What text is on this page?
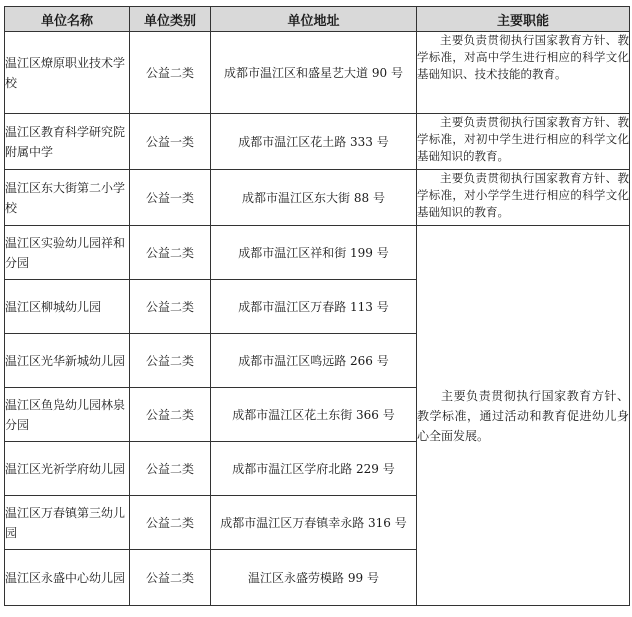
单位名称	单位类别	单位地址	主要职能
温江区燎原职业技术学校	公益二类	成都市温江区和盛星艺大道 90 号	主要负责贯彻执行国家教育方针、教学标准，对高中学生进行相应的科学文化基础知识、技术技能的教育。
温江区教育科学研究院附属中学	公益一类	成都市温江区花土路 333 号	主要负责贯彻执行国家教育方针、教学标准，对初中学生进行相应的科学文化基础知识的教育。
温江区东大街第二小学校	公益一类	成都市温江区东大街 88 号	主要负责贯彻执行国家教育方针、教学标准，对小学学生进行相应的科学文化基础知识的教育。
温江区实验幼儿园祥和分园	公益二类	成都市温江区祥和街 199 号	主要负责贯彻执行国家教育方针、教学标准，通过活动和教育促进幼儿身心全面发展。
温江区柳城幼儿园	公益二类	成都市温江区万春路 113 号	
温江区光华新城幼儿园	公益二类	成都市温江区鸣远路 266 号	
温江区鱼凫幼儿园林泉分园	公益二类	成都市温江区花土东街 366 号	
温江区光祈学府幼儿园	公益二类	成都市温江区学府北路 229 号	
温江区万春镇第三幼儿园	公益二类	成都市温江区万春镇幸永路 316 号	
温江区永盛中心幼儿园	公益二类	温江区永盛劳模路 99 号	
